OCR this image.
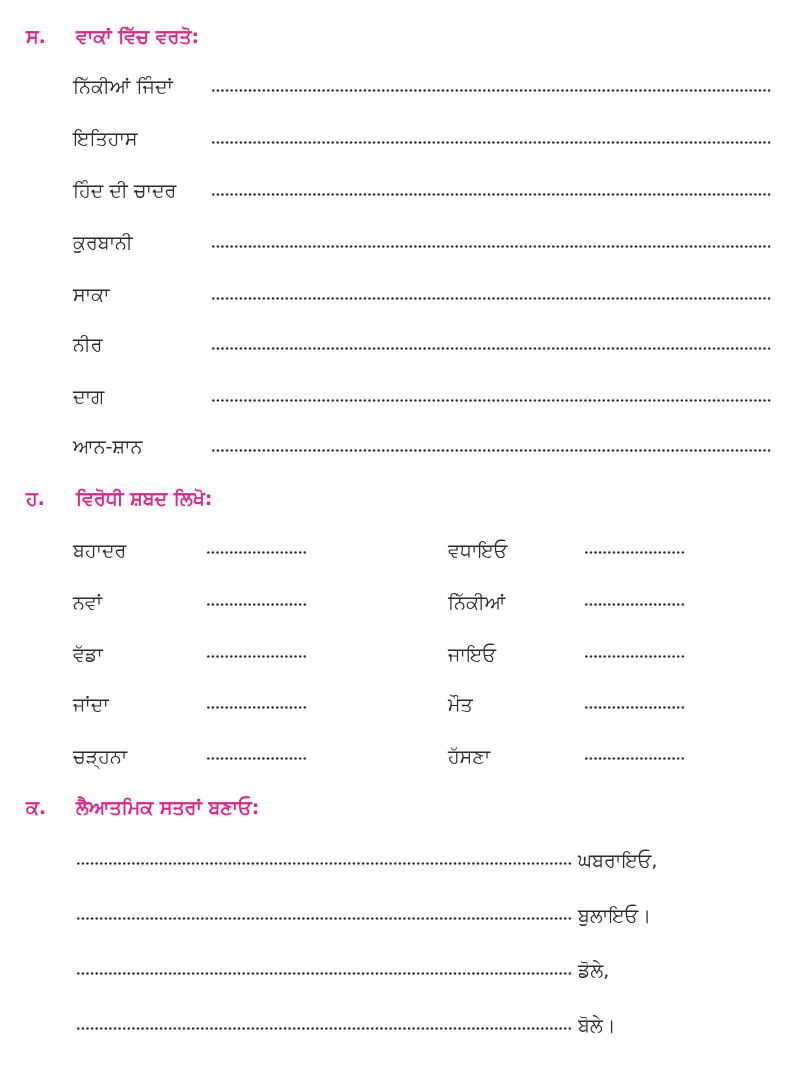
ਸ. ਵਾਕਾਂ ਵਿੱਚ ਵਰਤੋ:
ਨਿੱਕੀਆਂ ਜਿੰਦਾਂ
ਇਤਿਹਾਸ
ਹਿੰਦ ਦੀ ਚਾਦਰ
ਕੁਰਬਾਨੀ
ਸਾਕਾ
ਨੀਰ
ਦਾਗ
ਆਨ-ਸ਼ਾਨ
ਹ. ਵਿਰੋਧੀ ਸ਼ਬਦ ਲਿਖੋ:
ਬਹਾਦਰ	ਵਧਾਇਓ
ਨਵਾਂ	ਨਿੱਕੀਆਂ
ਵੱਡਾ	ਜਾਇਓ
ਜਾਂਦਾ	ਮੌਤ
ਚੜ੍ਹਨਾ	ਹੱਸਣਾ
ਕ. ਲੈਆਤਮਿਕ ਸਤਰਾਂ ਬਣਾਓ:
ਘਬਰਾਇਓ,
ਬੁਲਾਇਓ।
ਡੋਲੇ,
ਬੋਲੇ।
